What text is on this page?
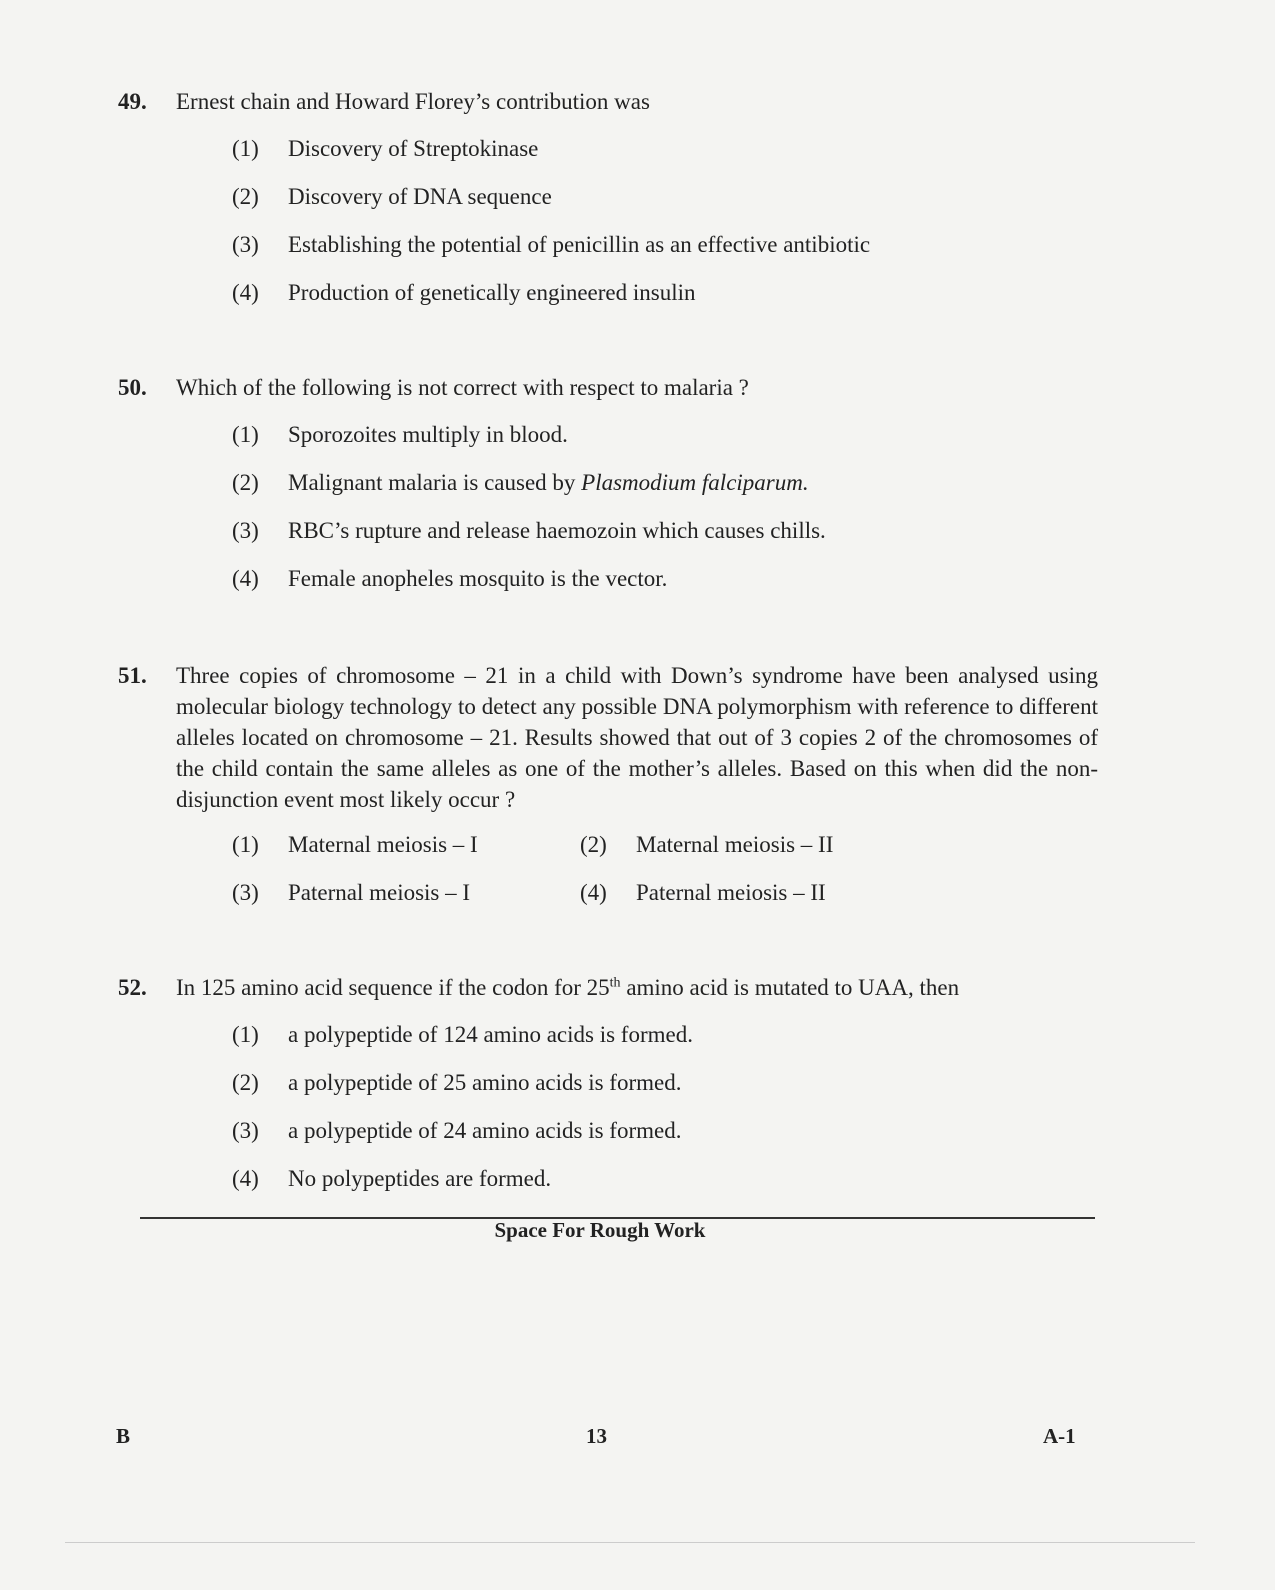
49.	Ernest chain and Howard Florey’s contribution was
(1)	Discovery of Streptokinase
(2)	Discovery of DNA sequence
(3)	Establishing the potential of penicillin as an effective antibiotic
(4)	Production of genetically engineered insulin
50.	Which of the following is not correct with respect to malaria ?
(1)	Sporozoites multiply in blood.
(2)	Malignant malaria is caused by Plasmodium falciparum.
(3)	RBC’s rupture and release haemozoin which causes chills.
(4)	Female anopheles mosquito is the vector.
51.	Three copies of chromosome – 21 in a child with Down’s syndrome have been analysed using molecular biology technology to detect any possible DNA polymorphism with reference to different alleles located on chromosome – 21. Results showed that out of 3 copies 2 of the chromosomes of the child contain the same alleles as one of the mother’s alleles. Based on this when did the non-disjunction event most likely occur ?
(1)	Maternal meiosis – I	(2)	Maternal meiosis – II
(3)	Paternal meiosis – I	(4)	Paternal meiosis – II
52.	In 125 amino acid sequence if the codon for 25th amino acid is mutated to UAA, then
(1)	a polypeptide of 124 amino acids is formed.
(2)	a polypeptide of 25 amino acids is formed.
(3)	a polypeptide of 24 amino acids is formed.
(4)	No polypeptides are formed.
Space For Rough Work
B	13	A-1
